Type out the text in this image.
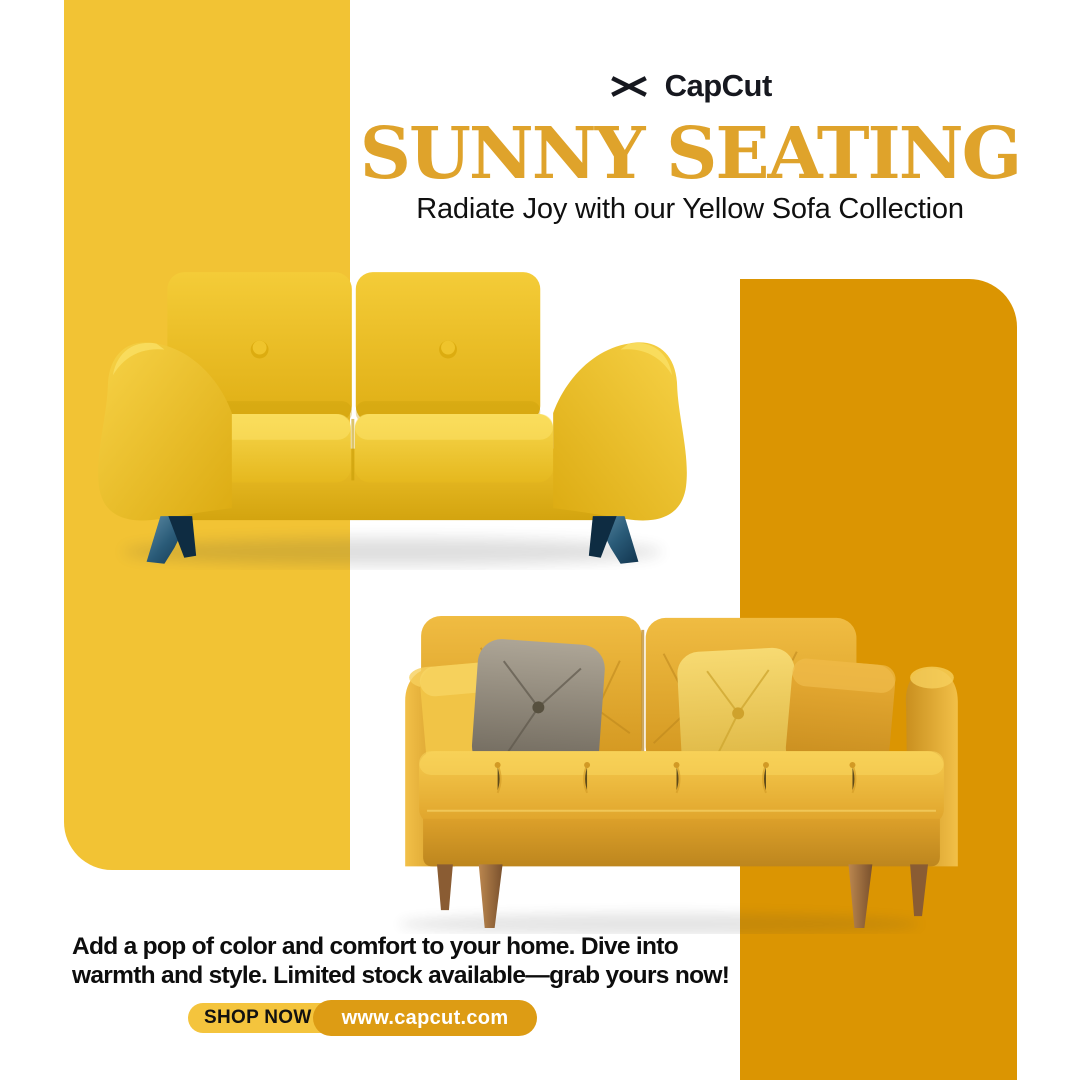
CapCut
SUNNY SEATING
Radiate Joy with our Yellow Sofa Collection
Add a pop of color and comfort to your home. Dive into
warmth and style. Limited stock available—grab yours now!
SHOP NOW www.capcut.com
